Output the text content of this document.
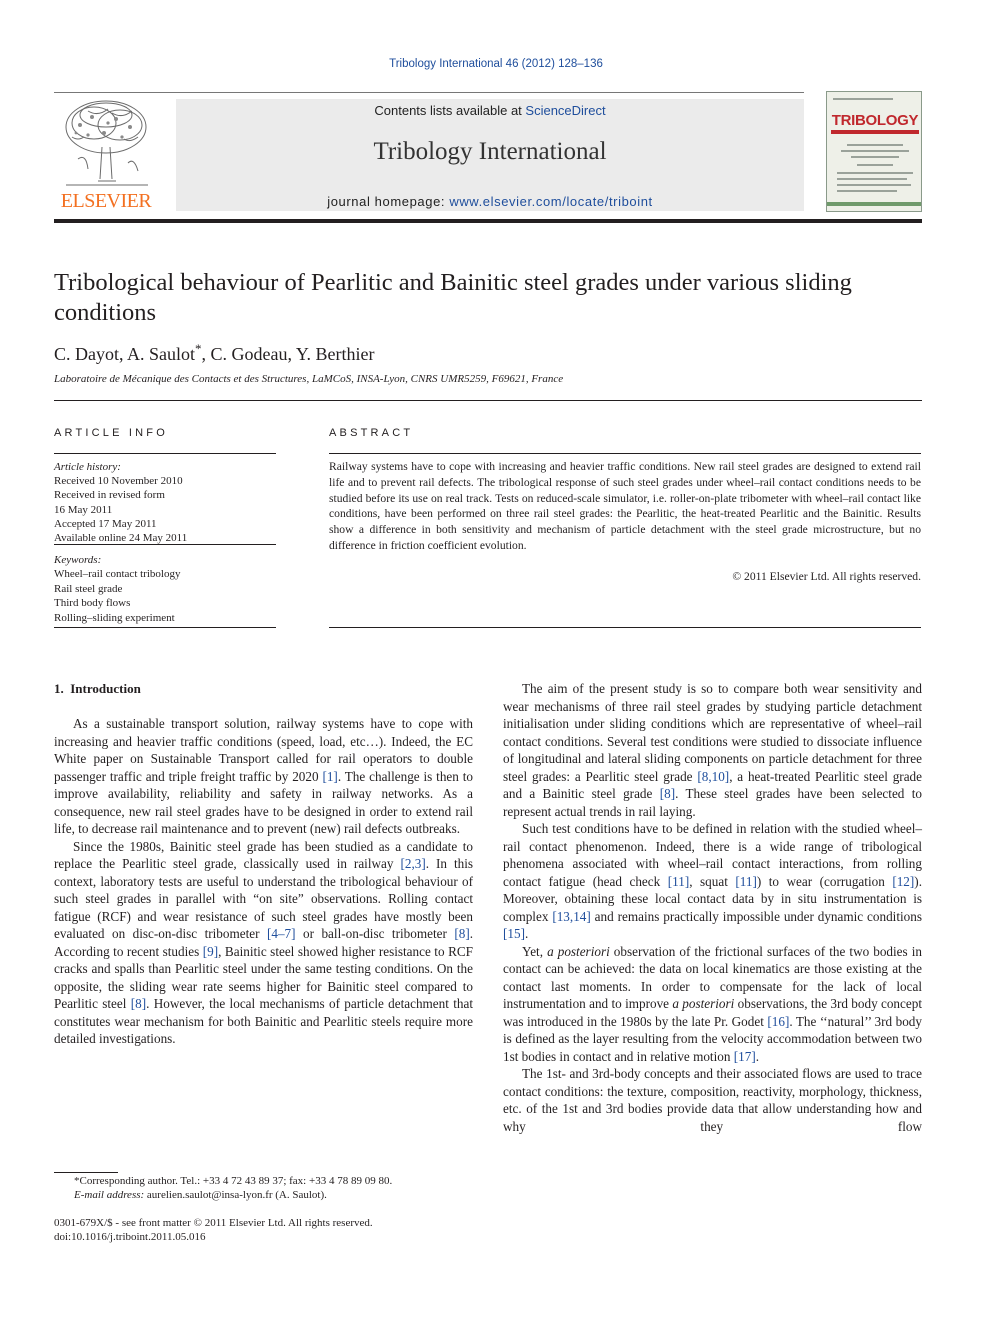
Tribology International 46 (2012) 128–136
ELSEVIER
Contents lists available at ScienceDirect
Tribology International
journal homepage: www.elsevier.com/locate/triboint
TRIBOLOGY
Tribological behaviour of Pearlitic and Bainitic steel grades under various sliding conditions
C. Dayot, A. Saulot*, C. Godeau, Y. Berthier
Laboratoire de Mécanique des Contacts et des Structures, LaMCoS, INSA-Lyon, CNRS UMR5259, F69621, France
ARTICLE INFO	ABSTRACT
Article history:
Received 10 November 2010
Received in revised form
16 May 2011
Accepted 17 May 2011
Available online 24 May 2011
Keywords:
Wheel–rail contact tribology
Rail steel grade
Third body flows
Rolling–sliding experiment
Railway systems have to cope with increasing and heavier traffic conditions. New rail steel grades are designed to extend rail life and to prevent rail defects. The tribological response of such steel grades under wheel–rail contact conditions needs to be studied before its use on real track. Tests on reduced-scale simulator, i.e. roller-on-plate tribometer with wheel–rail contact like conditions, have been performed on three rail steel grades: the Pearlitic, the heat-treated Pearlitic and the Bainitic. Results show a difference in both sensitivity and mechanism of particle detachment with the steel grade microstructure, but no difference in friction coefficient evolution.
© 2011 Elsevier Ltd. All rights reserved.
1. Introduction

As a sustainable transport solution, railway systems have to cope with increasing and heavier traffic conditions (speed, load, etc…). Indeed, the EC White paper on Sustainable Transport called for rail operators to double passenger traffic and triple freight traffic by 2020 [1]. The challenge is then to improve availability, reliability and safety in railway networks. As a consequence, new rail steel grades have to be designed in order to extend rail life, to decrease rail maintenance and to prevent (new) rail defects outbreaks.

Since the 1980s, Bainitic steel grade has been studied as a candidate to replace the Pearlitic steel grade, classically used in railway [2,3]. In this context, laboratory tests are useful to understand the tribological behaviour of such steel grades in parallel with “on site” observations. Rolling contact fatigue (RCF) and wear resistance of such steel grades have mostly been evaluated on disc-on-disc tribometer [4–7] or ball-on-disc tribometer [8]. According to recent studies [9], Bainitic steel showed higher resistance to RCF cracks and spalls than Pearlitic steel under the same testing conditions. On the opposite, the sliding wear rate seems higher for Bainitic steel compared to Pearlitic steel [8]. However, the local mechanisms of particle detachment that constitutes wear mechanism for both Bainitic and Pearlitic steels require more detailed investigations.

The aim of the present study is so to compare both wear sensitivity and wear mechanisms of three rail steel grades by studying particle detachment initialisation under sliding conditions which are representative of wheel–rail contact conditions. Several test conditions were studied to dissociate influence of longitudinal and lateral sliding components on particle detachment for three steel grades: a Pearlitic steel grade [8,10], a heat-treated Pearlitic steel grade and a Bainitic steel grade [8]. These steel grades have been selected to represent actual trends in rail laying.

Such test conditions have to be defined in relation with the studied wheel–rail contact phenomenon. Indeed, there is a wide range of tribological phenomena associated with wheel–rail contact interactions, from rolling contact fatigue (head check [11], squat [11]) to wear (corrugation [12]). Moreover, obtaining these local contact data by in situ instrumentation is complex [13,14] and remains practically impossible under dynamic conditions [15].

Yet, a posteriori observation of the frictional surfaces of the two bodies in contact can be achieved: the data on local kinematics are those existing at the contact last moments. In order to compensate for the lack of local instrumentation and to improve a posteriori observations, the 3rd body concept was introduced in the 1980s by the late Pr. Godet [16]. The ‘‘natural’’ 3rd body is defined as the layer resulting from the velocity accommodation between two 1st bodies in contact and in relative motion [17].

The 1st- and 3rd-body concepts and their associated flows are used to trace contact conditions: the texture, composition, reactivity, morphology, thickness, etc. of the 1st and 3rd bodies provide data that allow understanding how and why they flow

*Corresponding author. Tel.: +33 4 72 43 89 37; fax: +33 4 78 89 09 80.
E-mail address: aurelien.saulot@insa-lyon.fr (A. Saulot).
0301-679X/$ - see front matter © 2011 Elsevier Ltd. All rights reserved.
doi:10.1016/j.triboint.2011.05.016
